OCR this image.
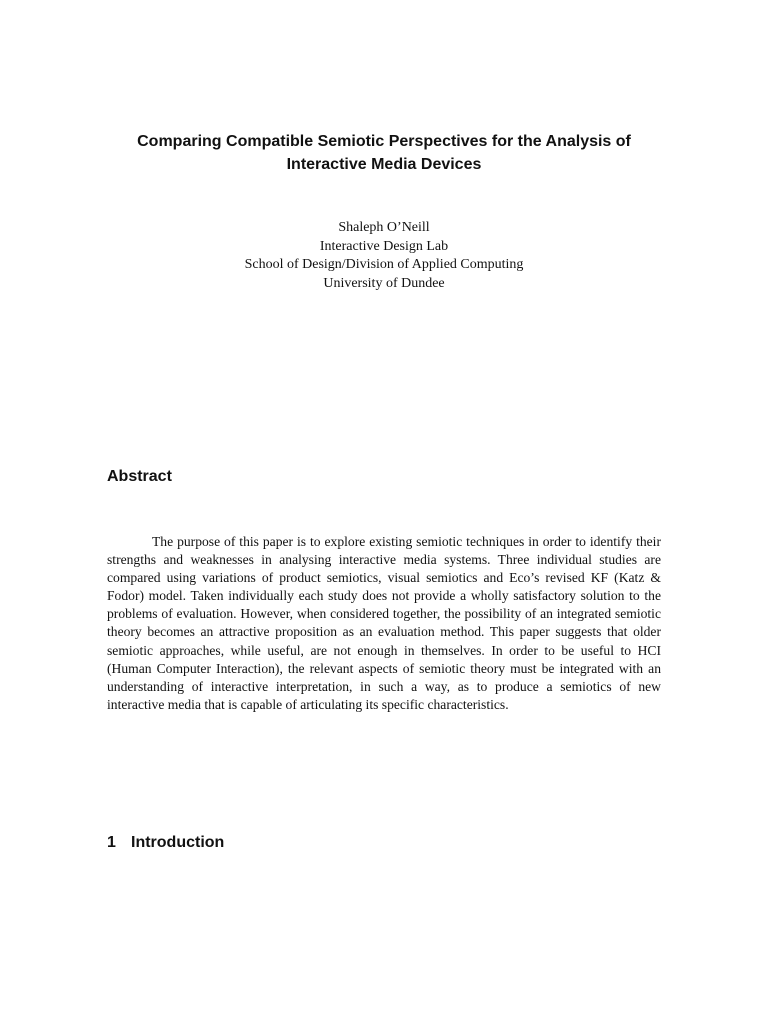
Comparing Compatible Semiotic Perspectives for the Analysis of
Interactive Media Devices
Shaleph O’Neill
Interactive Design Lab
School of Design/Division of Applied Computing
University of Dundee
Abstract

The purpose of this paper is to explore existing semiotic techniques in order to identify their strengths and weaknesses in analysing interactive media systems. Three individual studies are compared using variations of product semiotics, visual semiotics and Eco’s revised KF (Katz & Fodor) model. Taken individually each study does not provide a wholly satisfactory solution to the problems of evaluation. However, when considered together, the possibility of an integrated semiotic theory becomes an attractive proposition as an evaluation method. This paper suggests that older semiotic approaches, while useful, are not enough in themselves. In order to be useful to HCI (Human Computer Interaction), the relevant aspects of semiotic theory must be integrated with an understanding of interactive interpretation, in such a way, as to produce a semiotics of new interactive media that is capable of articulating its specific characteristics.

1 Introduction
